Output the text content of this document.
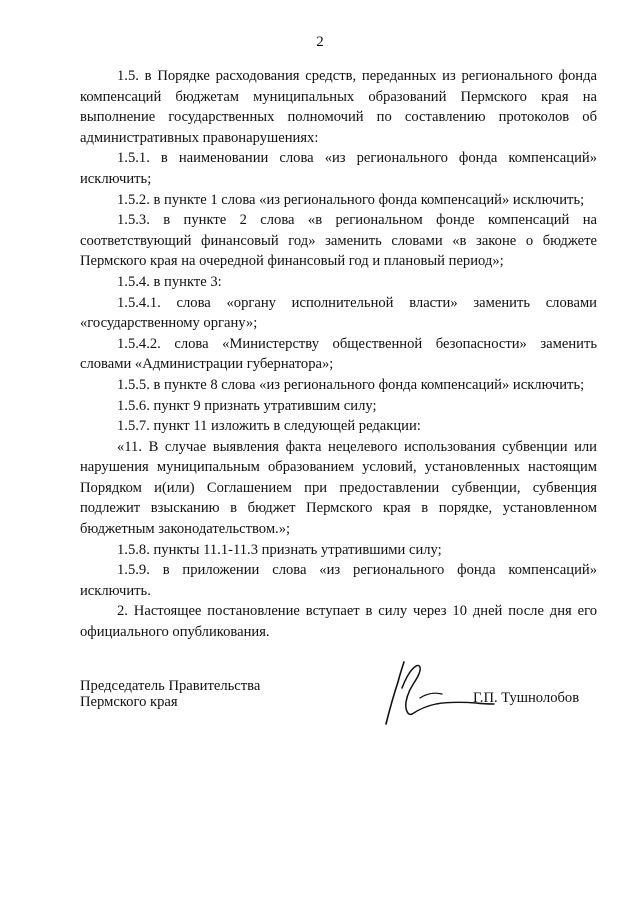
2

1.5. в Порядке расходования средств, переданных из регионального фонда компенсаций бюджетам муниципальных образований Пермского края на выполнение государственных полномочий по составлению протоколов об административных правонарушениях:

1.5.1. в наименовании слова «из регионального фонда компенсаций» исключить;

1.5.2. в пункте 1 слова «из регионального фонда компенсаций» исключить;

1.5.3. в пункте 2 слова «в региональном фонде компенсаций на соответствующий финансовый год» заменить словами «в законе о бюджете Пермского края на очередной финансовый год и плановый период»;

1.5.4. в пункте 3:

1.5.4.1. слова «органу исполнительной власти» заменить словами «государственному органу»;

1.5.4.2. слова «Министерству общественной безопасности» заменить словами «Администрации губернатора»;

1.5.5. в пункте 8 слова «из регионального фонда компенсаций» исключить;

1.5.6. пункт 9 признать утратившим силу;

1.5.7. пункт 11 изложить в следующей редакции:

«11. В случае выявления факта нецелевого использования субвенции или нарушения муниципальным образованием условий, установленных настоящим Порядком и(или) Соглашением при предоставлении субвенции, субвенция подлежит взысканию в бюджет Пермского края в порядке, установленном бюджетным законодательством.»;

1.5.8. пункты 11.1-11.3 признать утратившими силу;

1.5.9. в приложении слова «из регионального фонда компенсаций» исключить.

2. Настоящее постановление вступает в силу через 10 дней после дня его официального опубликования.

Председатель Правительства
Пермского края	Г.П. Тушнолобов
